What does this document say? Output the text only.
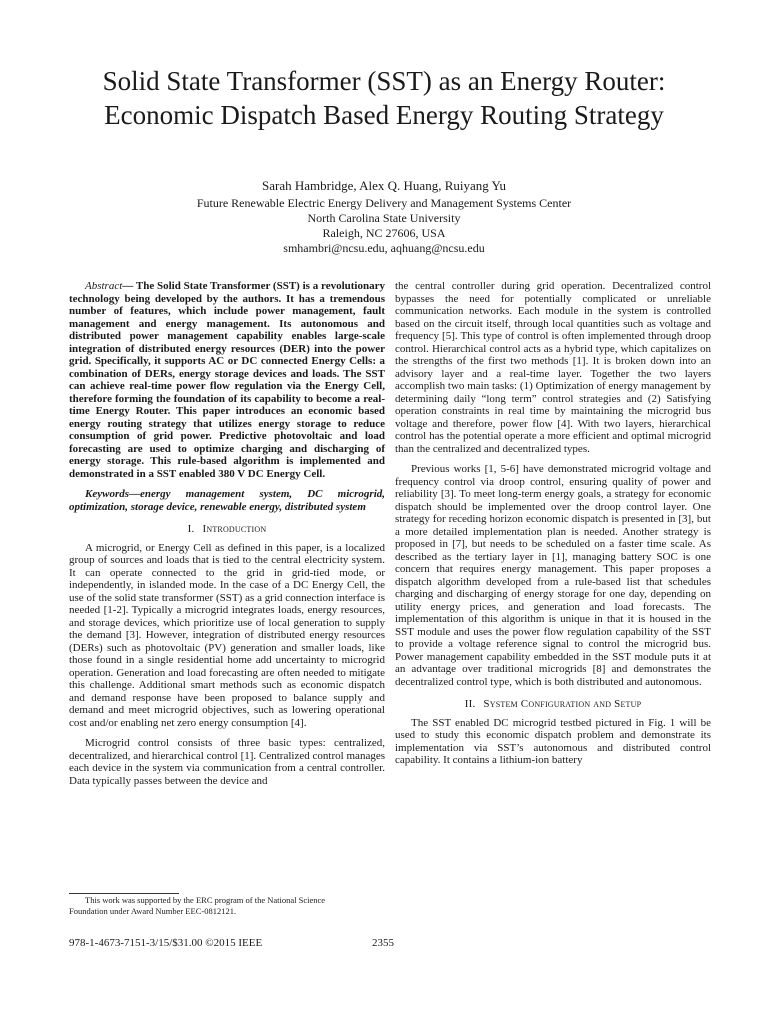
Solid State Transformer (SST) as an Energy Router:
Economic Dispatch Based Energy Routing Strategy
Sarah Hambridge, Alex Q. Huang, Ruiyang Yu
Future Renewable Electric Energy Delivery and Management Systems Center
North Carolina State University
Raleigh, NC 27606, USA
smhambri@ncsu.edu, aqhuang@ncsu.edu

Abstract— The Solid State Transformer (SST) is a revolutionary technology being developed by the authors. It has a tremendous number of features, which include power management, fault management and energy management. Its autonomous and distributed power management capability enables large-scale integration of distributed energy resources (DER) into the power grid. Specifically, it supports AC or DC connected Energy Cells: a combination of DERs, energy storage devices and loads. The SST can achieve real-time power flow regulation via the Energy Cell, therefore forming the foundation of its capability to become a real-time Energy Router. This paper introduces an economic based energy routing strategy that utilizes energy storage to reduce consumption of grid power. Predictive photovoltaic and load forecasting are used to optimize charging and discharging of energy storage. This rule-based algorithm is implemented and demonstrated in a SST enabled 380 V DC Energy Cell.

Keywords—energy management system, DC microgrid, optimization, storage device, renewable energy, distributed system

I. Introduction

A microgrid, or Energy Cell as defined in this paper, is a localized group of sources and loads that is tied to the central electricity system. It can operate connected to the grid in grid-tied mode, or independently, in islanded mode. In the case of a DC Energy Cell, the use of the solid state transformer (SST) as a grid connection interface is needed [1-2]. Typically a microgrid integrates loads, energy resources, and storage devices, which prioritize use of local generation to supply the demand [3]. However, integration of distributed energy resources (DERs) such as photovoltaic (PV) generation and smaller loads, like those found in a single residential home add uncertainty to microgrid operation. Generation and load forecasting are often needed to mitigate this challenge. Additional smart methods such as economic dispatch and demand response have been proposed to balance supply and demand and meet microgrid objectives, such as lowering operational cost and/or enabling net zero energy consumption [4].

Microgrid control consists of three basic types: centralized, decentralized, and hierarchical control [1]. Centralized control manages each device in the system via communication from a central controller. Data typically passes between the device and

the central controller during grid operation. Decentralized control bypasses the need for potentially complicated or unreliable communication networks. Each module in the system is controlled based on the circuit itself, through local quantities such as voltage and frequency [5]. This type of control is often implemented through droop control. Hierarchical control acts as a hybrid type, which capitalizes on the strengths of the first two methods [1]. It is broken down into an advisory layer and a real-time layer. Together the two layers accomplish two main tasks: (1) Optimization of energy management by determining daily “long term” control strategies and (2) Satisfying operation constraints in real time by maintaining the microgrid bus voltage and therefore, power flow [4]. With two layers, hierarchical control has the potential operate a more efficient and optimal microgrid than the centralized and decentralized types.

Previous works [1, 5-6] have demonstrated microgrid voltage and frequency control via droop control, ensuring quality of power and reliability [3]. To meet long-term energy goals, a strategy for economic dispatch should be implemented over the droop control layer. One strategy for receding horizon economic dispatch is presented in [3], but a more detailed implementation plan is needed. Another strategy is proposed in [7], but needs to be scheduled on a faster time scale. As described as the tertiary layer in [1], managing battery SOC is one concern that requires energy management. This paper proposes a dispatch algorithm developed from a rule-based list that schedules charging and discharging of energy storage for one day, depending on utility energy prices, and generation and load forecasts. The implementation of this algorithm is unique in that it is housed in the SST module and uses the power flow regulation capability of the SST to provide a voltage reference signal to control the microgrid bus. Power management capability embedded in the SST module puts it at an advantage over traditional microgrids [8] and demonstrates the decentralized control type, which is both distributed and autonomous.

II. System Configuration and Setup

The SST enabled DC microgrid testbed pictured in Fig. 1 will be used to study this economic dispatch problem and demonstrate its implementation via SST’s autonomous and distributed control capability. It contains a lithium-ion battery

This work was supported by the ERC program of the National Science
Foundation under Award Number EEC-0812121.
978-1-4673-7151-3/15/$31.00 ©2015 IEEE	2355
